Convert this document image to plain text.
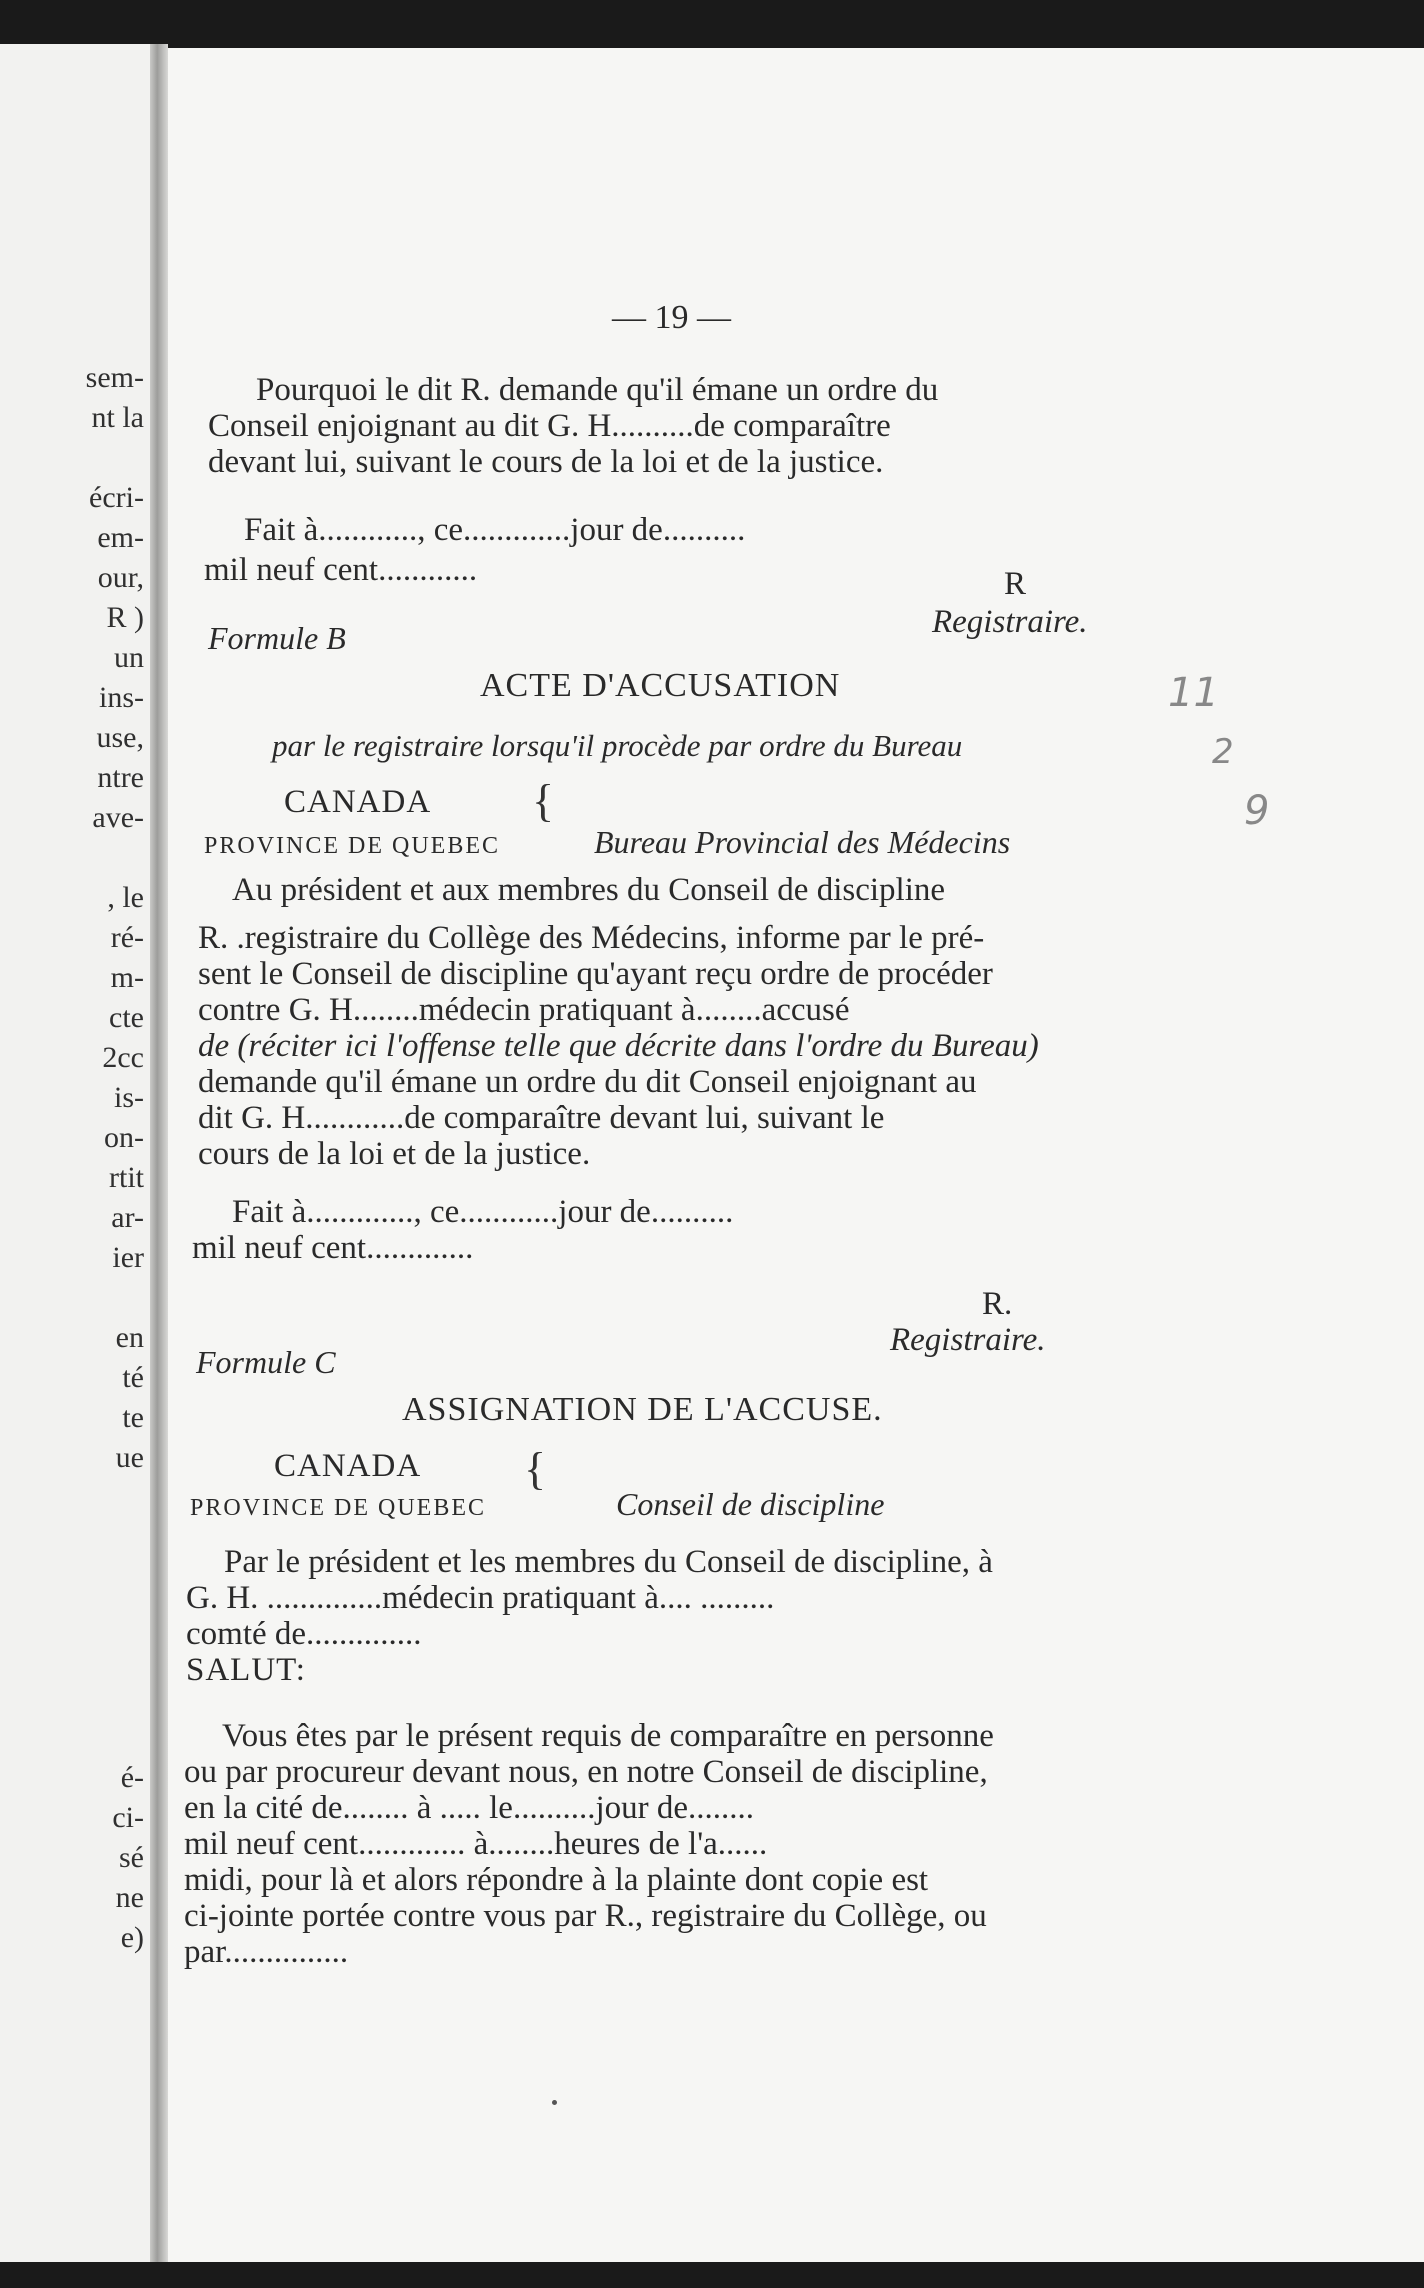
sem-
nt la
écri-
em-
our,
R )
un
ins-
use,
ntre
ave-
, le
ré-
m-
cte
2cc
is-
on-
rtit
ar-
ier
en
té
te
ue
é-
ci-
sé
ne
e)
— 19 —
Pourquoi le dit R. demande qu'il émane un ordre du
Conseil enjoignant au dit G. H..........de comparaître
devant lui, suivant le cours de la loi et de la justice.
Fait à............, ce.............jour de..........
mil neuf cent............	R
Registraire.
Formule B
ACTE D'ACCUSATION
par le registraire lorsqu'il procède par ordre du Bureau
CANADA {
PROVINCE DE QUEBEC	Bureau Provincial des Médecins
Au président et aux membres du Conseil de discipline
R. .registraire du Collège des Médecins, informe par le pré-
sent le Conseil de discipline qu'ayant reçu ordre de procéder
contre G. H........médecin pratiquant à........accusé
de (réciter ici l'offense telle que décrite dans l'ordre du Bureau)
demande qu'il émane un ordre du dit Conseil enjoignant au
dit G. H............de comparaître devant lui, suivant le
cours de la loi et de la justice.
Fait à............., ce............jour de..........
mil neuf cent.............
R.
Registraire.
Formule C
ASSIGNATION DE L'ACCUSE.
CANADA {
PROVINCE DE QUEBEC	Conseil de discipline
Par le président et les membres du Conseil de discipline, à
G. H. ..............médecin pratiquant à.... .........
comté de..............
SALUT:
Vous êtes par le présent requis de comparaître en personne
ou par procureur devant nous, en notre Conseil de discipline,
en la cité de........ à ..... le..........jour de........
mil neuf cent............. à........heures de l'a......
midi, pour là et alors répondre à la plainte dont copie est
ci-jointe portée contre vous par R., registraire du Collège, ou
par...............
11
2
9
